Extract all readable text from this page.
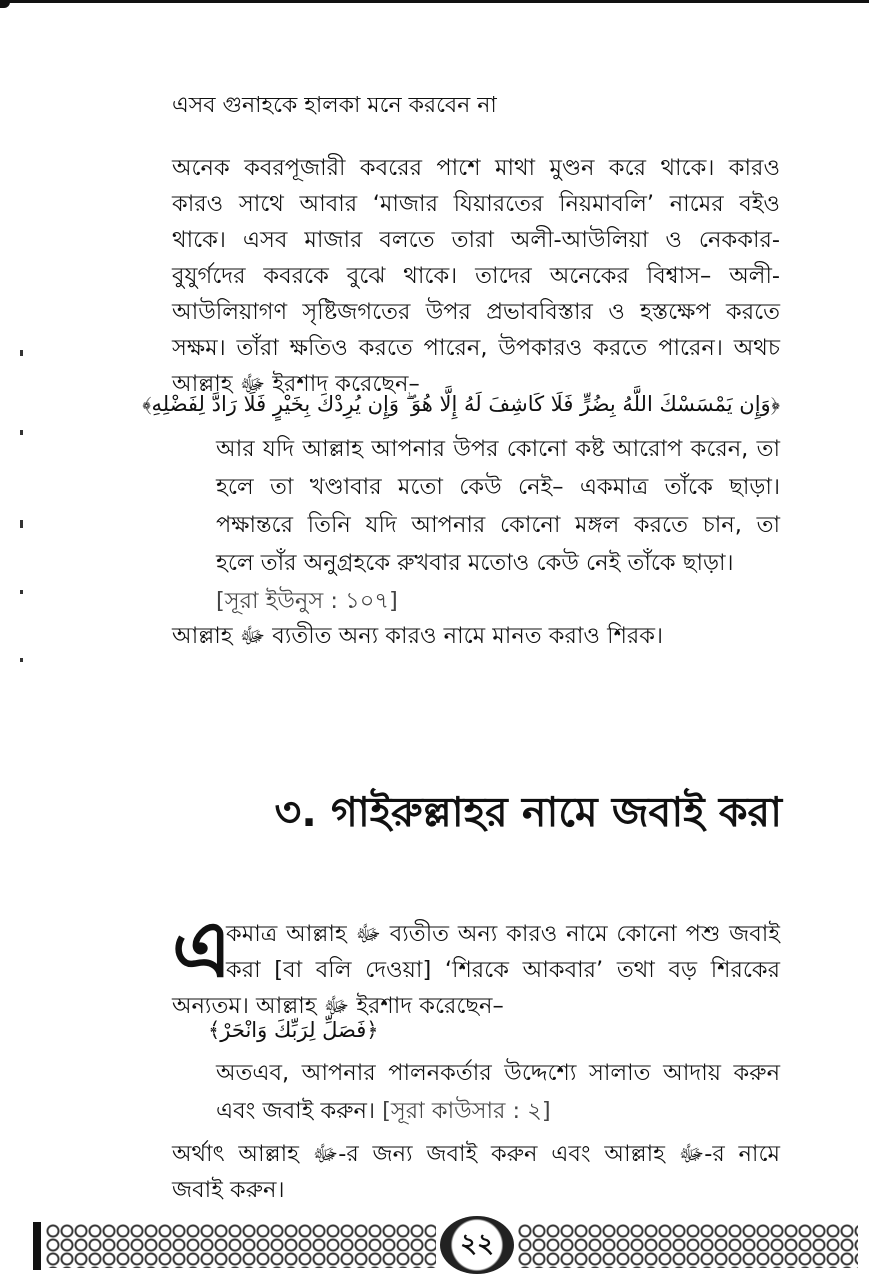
এসব গুনাহকে হালকা মনে করবেন না

অনেক কবরপূজারী কবরের পাশে মাথা মুণ্ডন করে থাকে। কারও
কারও সাথে আবার ‘মাজার যিয়ারতের নিয়মাবলি’ নামের বইও
থাকে। এসব মাজার বলতে তারা অলী-আউলিয়া ও নেককার-
বুযুর্গদের কবরকে বুঝে থাকে। তাদের অনেকের বিশ্বাস– অলী-
আউলিয়াগণ সৃষ্টিজগতের উপর প্রভাববিস্তার ও হস্তক্ষেপ করতে
সক্ষম। তাঁরা ক্ষতিও করতে পারেন, উপকারও করতে পারেন। অথচ
আল্লাহ ﷻ ইরশাদ করেছেন–

﴿وَإِن يَمْسَسْكَ اللَّهُ بِضُرٍّ فَلَا كَاشِفَ لَهُ إِلَّا هُوَ ۖ وَإِن يُرِدْكَ بِخَيْرٍ فَلَا رَادَّ لِفَضْلِهِ﴾
আর যদি আল্লাহ আপনার উপর কোনো কষ্ট আরোপ করেন, তা
হলে তা খণ্ডাবার মতো কেউ নেই– একমাত্র তাঁকে ছাড়া।
পক্ষান্তরে তিনি যদি আপনার কোনো মঙ্গল করতে চান, তা
হলে তাঁর অনুগ্রহকে রুখবার মতোও কেউ নেই তাঁকে ছাড়া।
[সূরা ইউনুস : ১০৭]

আল্লাহ ﷻ ব্যতীত অন্য কারও নামে মানত করাও শিরক।

৩. গাইরুল্লাহর নামে জবাই করা
এ

কমাত্র আল্লাহ ﷻ ব্যতীত অন্য কারও নামে কোনো পশু জবাই
করা [বা বলি দেওয়া] ‘শিরকে আকবার’ তথা বড় শিরকের

অন্যতম। আল্লাহ ﷻ ইরশাদ করেছেন–

﴿فَصَلِّ لِرَبِّكَ وَانْحَرْ﴾
অতএব, আপনার পালনকর্তার উদ্দেশ্যে সালাত আদায় করুন
এবং জবাই করুন। [সূরা কাউসার : ২]

অর্থাৎ আল্লাহ ﷻ-র জন্য জবাই করুন এবং আল্লাহ ﷻ-র নামে
জবাই করুন।

২২
